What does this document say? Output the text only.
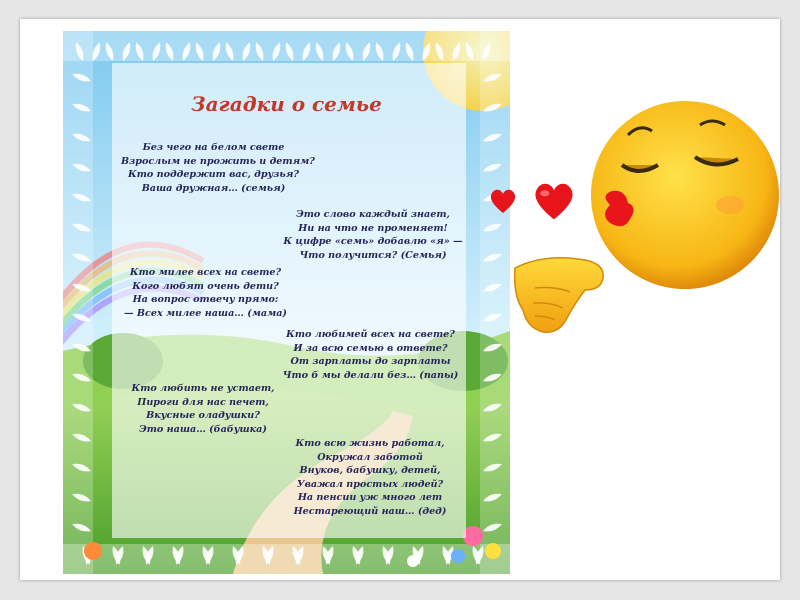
Загадки о семье
Без чего на белом свете
Взрослым не прожить и детям?
Кто поддержит вас, друзья?
Ваша дружная… (семья)
Это слово каждый знает,
Ни на что не променяет!
К цифре «семь» добавлю «я» —
Что получится? (Семья)
Кто милее всех на свете?
Кого любят очень дети?
На вопрос отвечу прямо:
— Всех милее наша… (мама)
Кто любимей всех на свете?
И за всю семью в ответе?
От зарплаты до зарплаты
Что б мы делали без… (папы)
Кто любить не устает,
Пироги для нас печет,
Вкусные оладушки?
Это наша… (бабушка)
Кто всю жизнь работал,
Окружал заботой
Внуков, бабушку, детей,
Уважал простых людей?
На пенсии уж много лет
Нестареющий наш… (дед)
